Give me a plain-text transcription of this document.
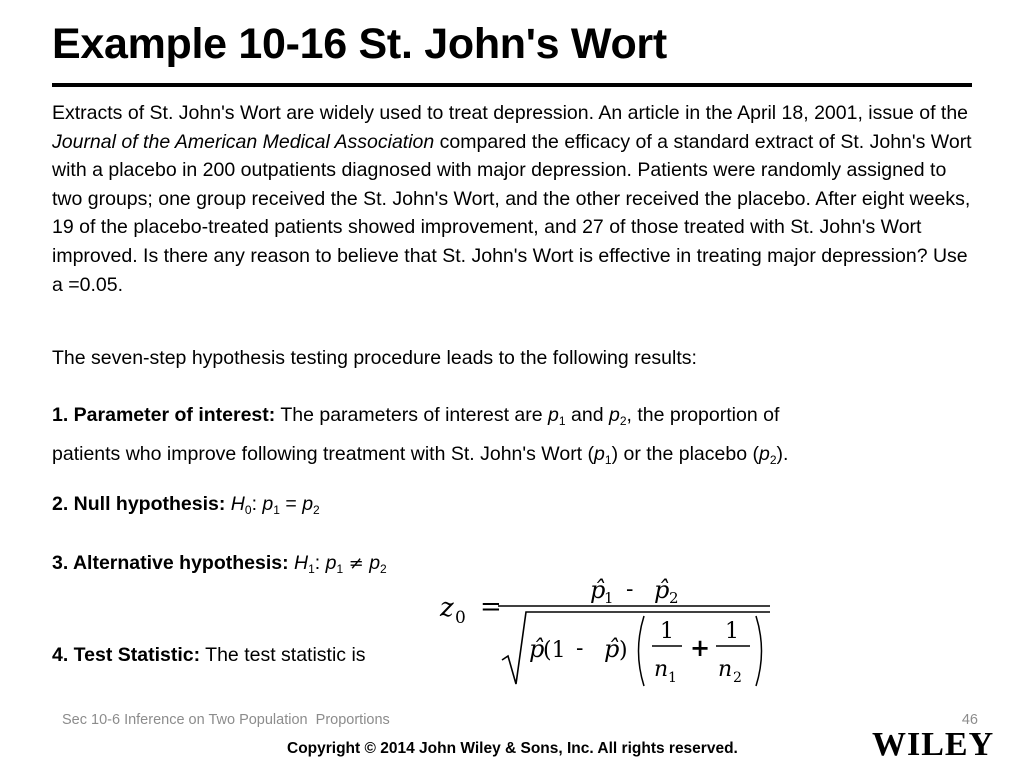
Example 10-16 St. John's Wort

Extracts of St. John's Wort are widely used to treat depression. An article in the April 18, 2001, issue of the Journal of the American Medical Association compared the efficacy of a standard extract of St. John's Wort with a placebo in 200 outpatients diagnosed with major depression. Patients were randomly assigned to two groups; one group received the St. John's Wort, and the other received the placebo. After eight weeks, 19 of the placebo-treated patients showed improvement, and 27 of those treated with St. John's Wort improved. Is there any reason to believe that St. John's Wort is effective in treating major depression? Use a =0.05.

The seven-step hypothesis testing procedure leads to the following results:

1. Parameter of interest: The parameters of interest are $p_1$ and $p_2$, the proportion of
patients who improve following treatment with St. John's Wort $(p_1)$ or the placebo $(p_2)$.

2. Null hypothesis: $H_0$: $p_1 = p_2$

3. Alternative hypothesis: $H_1$: $p_1 \ne p_2$

4. Test Statistic: The test statistic is

z 0 =
p̂
1 - p̂ 2
p̂
(1 - p̂ )
1
n 1
+
1
n 2
Sec 10-6 Inference on Two Population  Proportions	46
Copyright © 2014 John Wiley & Sons, Inc. All rights reserved.	WILEY
